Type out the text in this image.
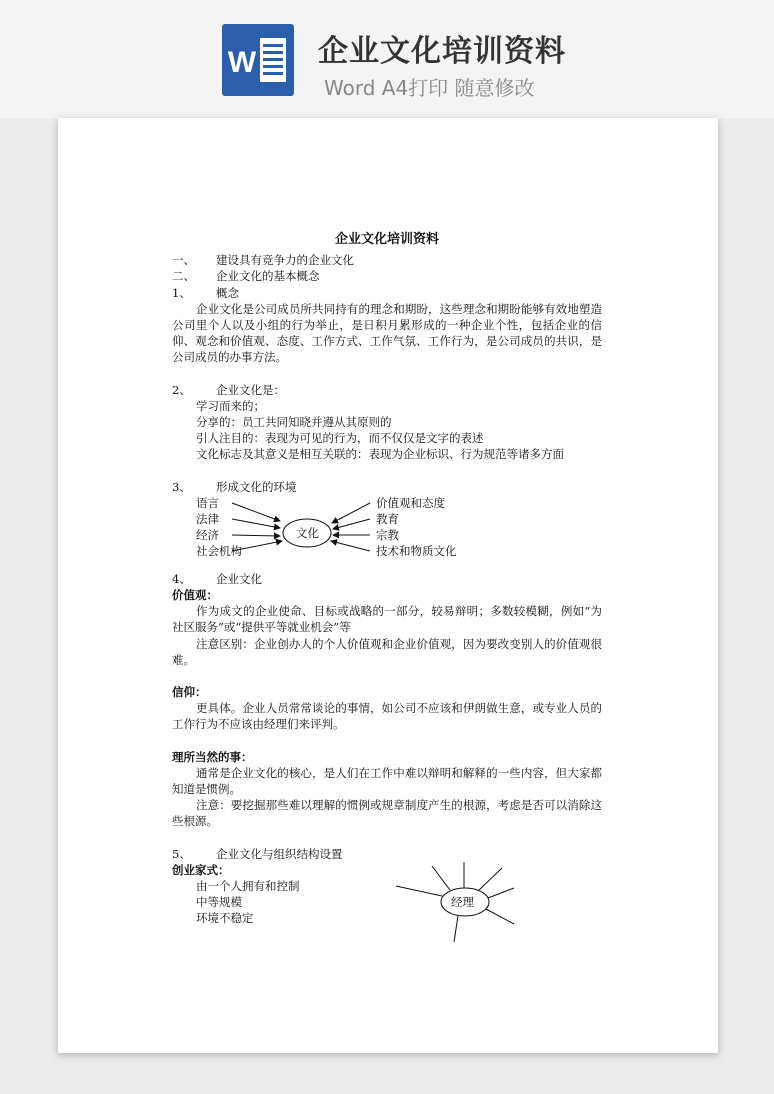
W 企业文化培训资料
Word A4打印 随意修改
企业文化培训资料
一、 建设具有竞争力的企业文化
二、 企业文化的基本概念
1、 概念
企业文化是公司成员所共同持有的理念和期盼，这些理念和期盼能够有效地塑造公司里个人以及小组的行为举止，是日积月累形成的一种企业个性，包括企业的信仰、观念和价值观、态度、工作方式、工作气氛、工作行为，是公司成员的共识，是公司成员的办事方法。
2、 企业文化是：
学习而来的；
分享的：员工共同知晓并遵从其原则的
引人注目的：表现为可见的行为，而不仅仅是文字的表述
文化标志及其意义是相互关联的：表现为企业标识、行为规范等诸多方面
3、 形成文化的环境
语言
法律
经济
社会机构
文化
价值观和态度
教育
宗教
技术和物质文化
4、 企业文化
价值观：
作为成文的企业使命、目标或战略的一部分，较易辩明；多数较模糊，例如“为社区服务”或“提供平等就业机会”等
注意区别：企业创办人的个人价值观和企业价值观，因为要改变别人的价值观很难。
信仰：
更具体。企业人员常常谈论的事情，如公司不应该和伊朗做生意，或专业人员的工作行为不应该由经理们来评判。
理所当然的事：
通常是企业文化的核心，是人们在工作中难以辩明和解释的一些内容，但大家都知道是惯例。
注意：要挖掘那些难以理解的惯例或规章制度产生的根源，考虑是否可以消除这些根源。
5、 企业文化与组织结构设置
创业家式：
由一个人拥有和控制
中等规模
环境不稳定
经理
